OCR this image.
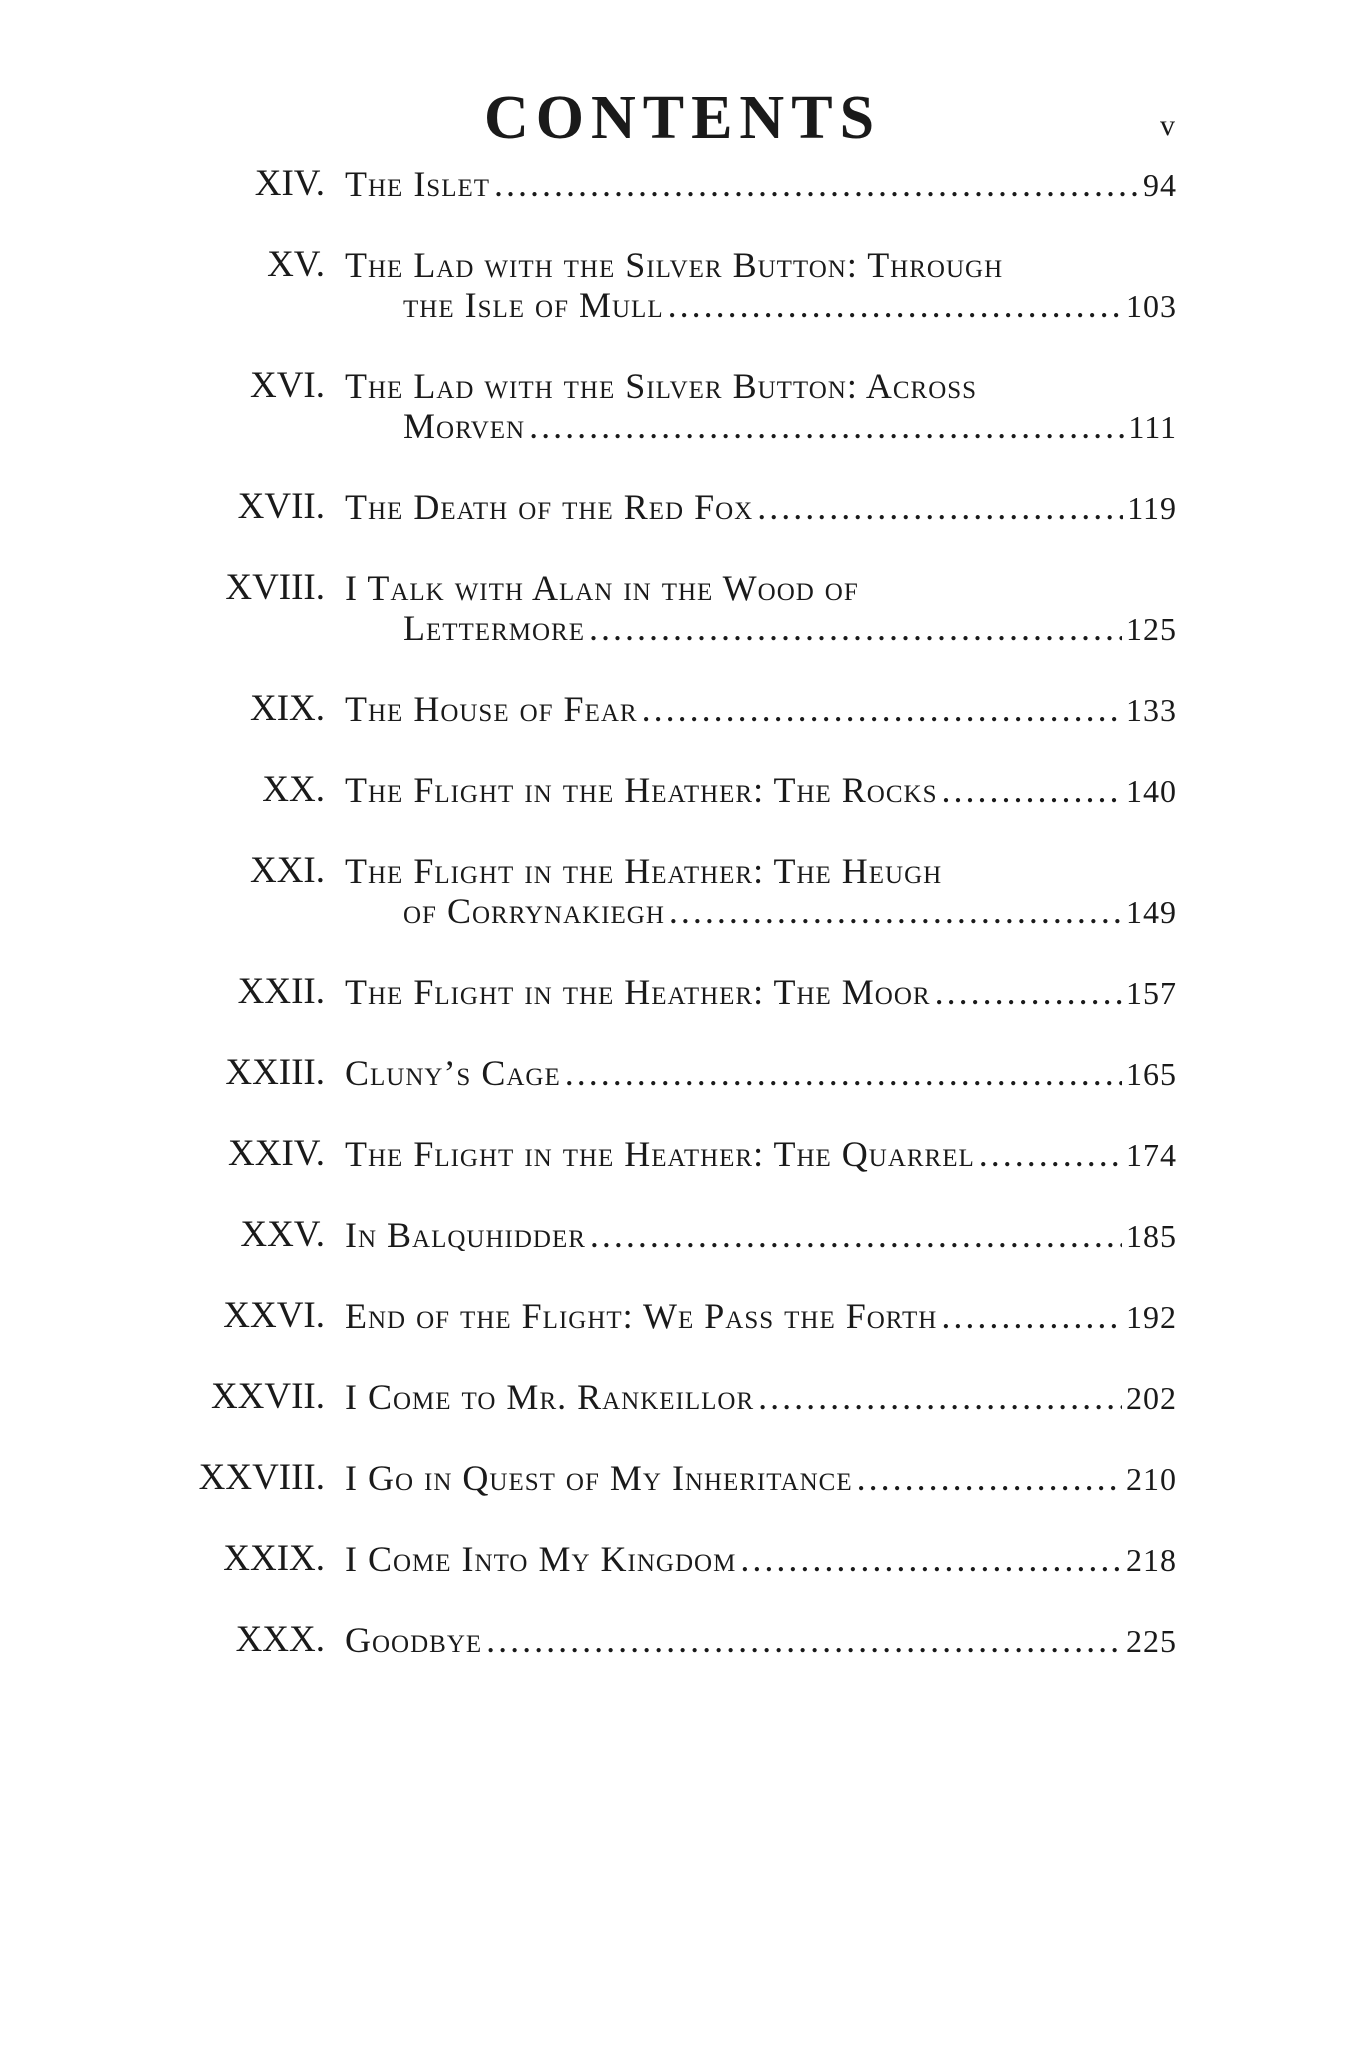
CONTENTS	v
XIV. The Islet .....	94
XV. The Lad with the Silver Button: Through
the Isle of Mull .....	103
XVI. The Lad with the Silver Button: Across
Morven .....	111
XVII. The Death of the Red Fox .....	119
XVIII. I Talk with Alan in the Wood of
Lettermore .....	125
XIX. The House of Fear .....	133
XX. The Flight in the Heather: The Rocks .....	140
XXI. The Flight in the Heather: The Heugh
of Corrynakiegh .....	149
XXII. The Flight in the Heather: The Moor .....	157
XXIII. Cluny’s Cage .....	165
XXIV. The Flight in the Heather: The Quarrel .....	174
XXV. In Balquhidder .....	185
XXVI. End of the Flight: We Pass the Forth .....	192
XXVII. I Come to Mr. Rankeillor .....	202
XXVIII. I Go in Quest of My Inheritance .....	210
XXIX. I Come Into My Kingdom .....	218
XXX. Goodbye .....	225
